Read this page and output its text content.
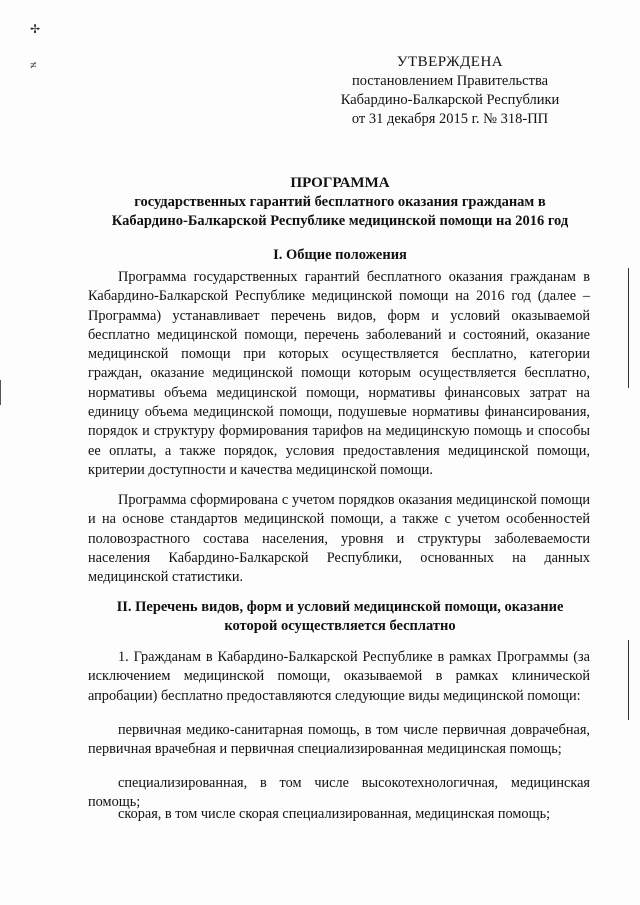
✢
≠	УТВЕРЖДЕНА
постановлением Правительства
Кабардино-Балкарской Республики
от 31 декабря 2015 г. № 318-ПП
ПРОГРАММА
государственных гарантий бесплатного оказания гражданам в
Кабардино-Балкарской Республике медицинской помощи на 2016 год
I. Общие положения
Программа государственных гарантий бесплатного оказания гражданам в Кабардино-Балкарской Республике медицинской помощи на 2016 год (далее – Программа) устанавливает перечень видов, форм и условий оказываемой бесплатно медицинской помощи, перечень заболеваний и состояний, оказание медицинской помощи при которых осуществляется бесплатно, категории граждан, оказание медицинской помощи которым осуществляется бесплатно, нормативы объема медицинской помощи, нормативы финансовых затрат на единицу объема медицинской помощи, подушевые нормативы финансирования, порядок и структуру формирования тарифов на медицинскую помощь и способы ее оплаты, а также порядок, условия предоставления медицинской помощи, критерии доступности и качества медицинской помощи.
Программа сформирована с учетом порядков оказания медицинской помощи и на основе стандартов медицинской помощи, а также с учетом особенностей половозрастного состава населения, уровня и структуры заболеваемости населения Кабардино-Балкарской Республики, основанных на данных медицинской статистики.
II. Перечень видов, форм и условий медицинской помощи, оказание
которой осуществляется бесплатно
1. Гражданам в Кабардино-Балкарской Республике в рамках Программы (за исключением медицинской помощи, оказываемой в рамках клинической апробации) бесплатно предоставляются следующие виды медицинской помощи:
первичная медико-санитарная помощь, в том числе первичная доврачебная, первичная врачебная и первичная специализированная медицинская помощь;
специализированная, в том числе высокотехнологичная, медицинская помощь;
скорая, в том числе скорая специализированная, медицинская помощь;
